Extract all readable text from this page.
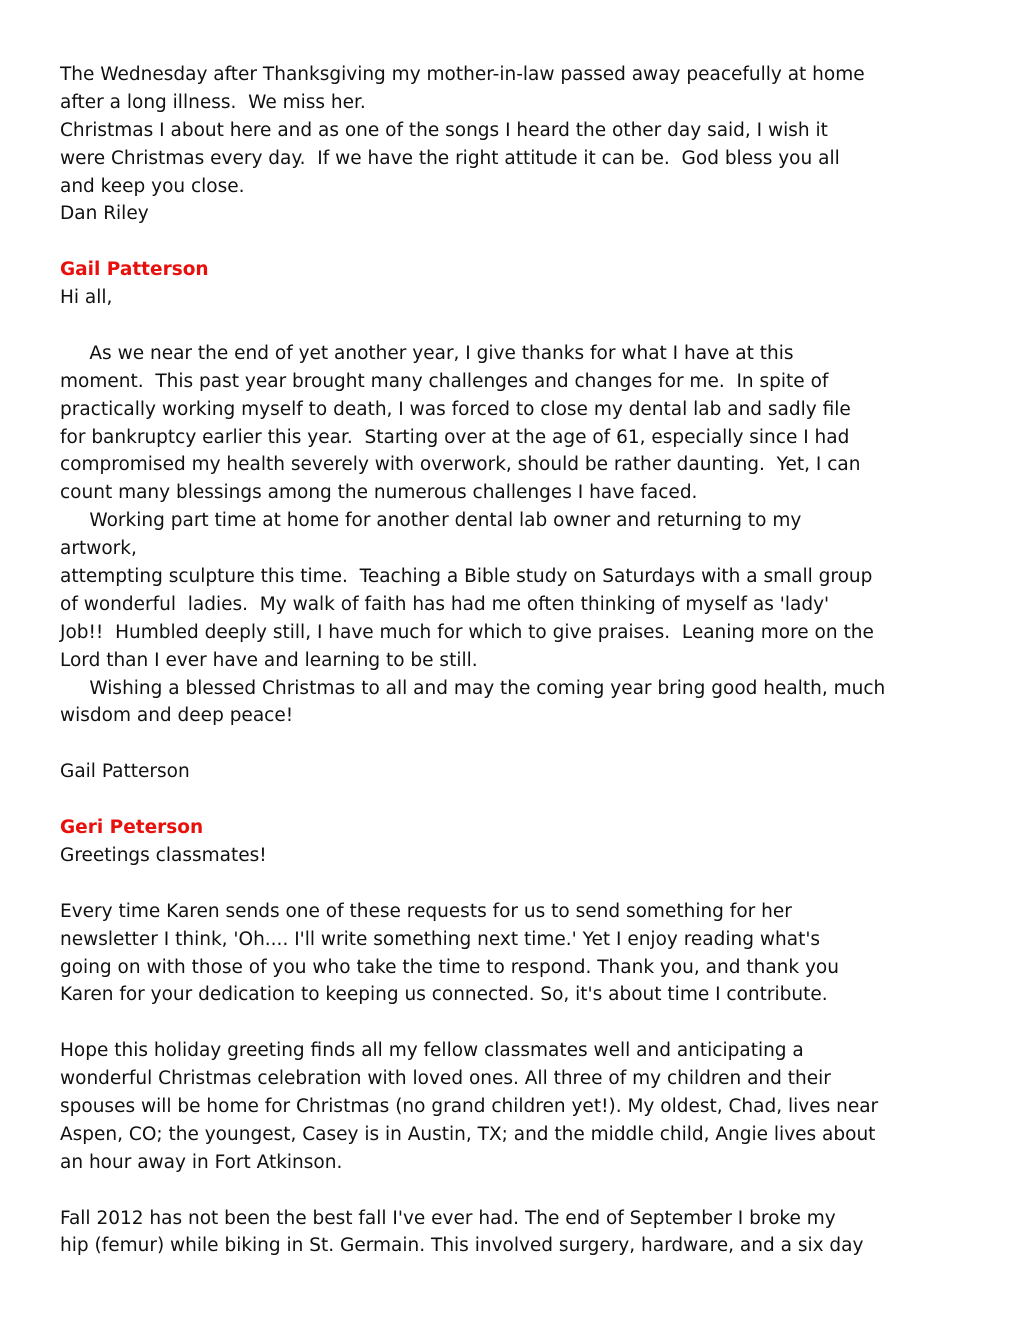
The Wednesday after Thanksgiving my mother-in-law passed away peacefully at home
after a long illness.  We miss her.
Christmas I about here and as one of the songs I heard the other day said, I wish it
were Christmas every day.  If we have the right attitude it can be.  God bless you all
and keep you close.
Dan Riley
Gail Patterson
Hi all,
As we near the end of yet another year, I give thanks for what I have at this
moment.  This past year brought many challenges and changes for me.  In spite of
practically working myself to death, I was forced to close my dental lab and sadly file
for bankruptcy earlier this year.  Starting over at the age of 61, especially since I had
compromised my health severely with overwork, should be rather daunting.  Yet, I can
count many blessings among the numerous challenges I have faced.
Working part time at home for another dental lab owner and returning to my
artwork,
attempting sculpture this time.  Teaching a Bible study on Saturdays with a small group
of wonderful  ladies.  My walk of faith has had me often thinking of myself as 'lady'
Job!!  Humbled deeply still, I have much for which to give praises.  Leaning more on the
Lord than I ever have and learning to be still.
Wishing a blessed Christmas to all and may the coming year bring good health, much
wisdom and deep peace!
Gail Patterson
Geri Peterson
Greetings classmates!
Every time Karen sends one of these requests for us to send something for her
newsletter I think, 'Oh.... I'll write something next time.' Yet I enjoy reading what's
going on with those of you who take the time to respond. Thank you, and thank you
Karen for your dedication to keeping us connected. So, it's about time I contribute.
Hope this holiday greeting finds all my fellow classmates well and anticipating a
wonderful Christmas celebration with loved ones. All three of my children and their
spouses will be home for Christmas (no grand children yet!). My oldest, Chad, lives near
Aspen, CO; the youngest, Casey is in Austin, TX; and the middle child, Angie lives about
an hour away in Fort Atkinson.
Fall 2012 has not been the best fall I've ever had. The end of September I broke my
hip (femur) while biking in St. Germain. This involved surgery, hardware, and a six day
